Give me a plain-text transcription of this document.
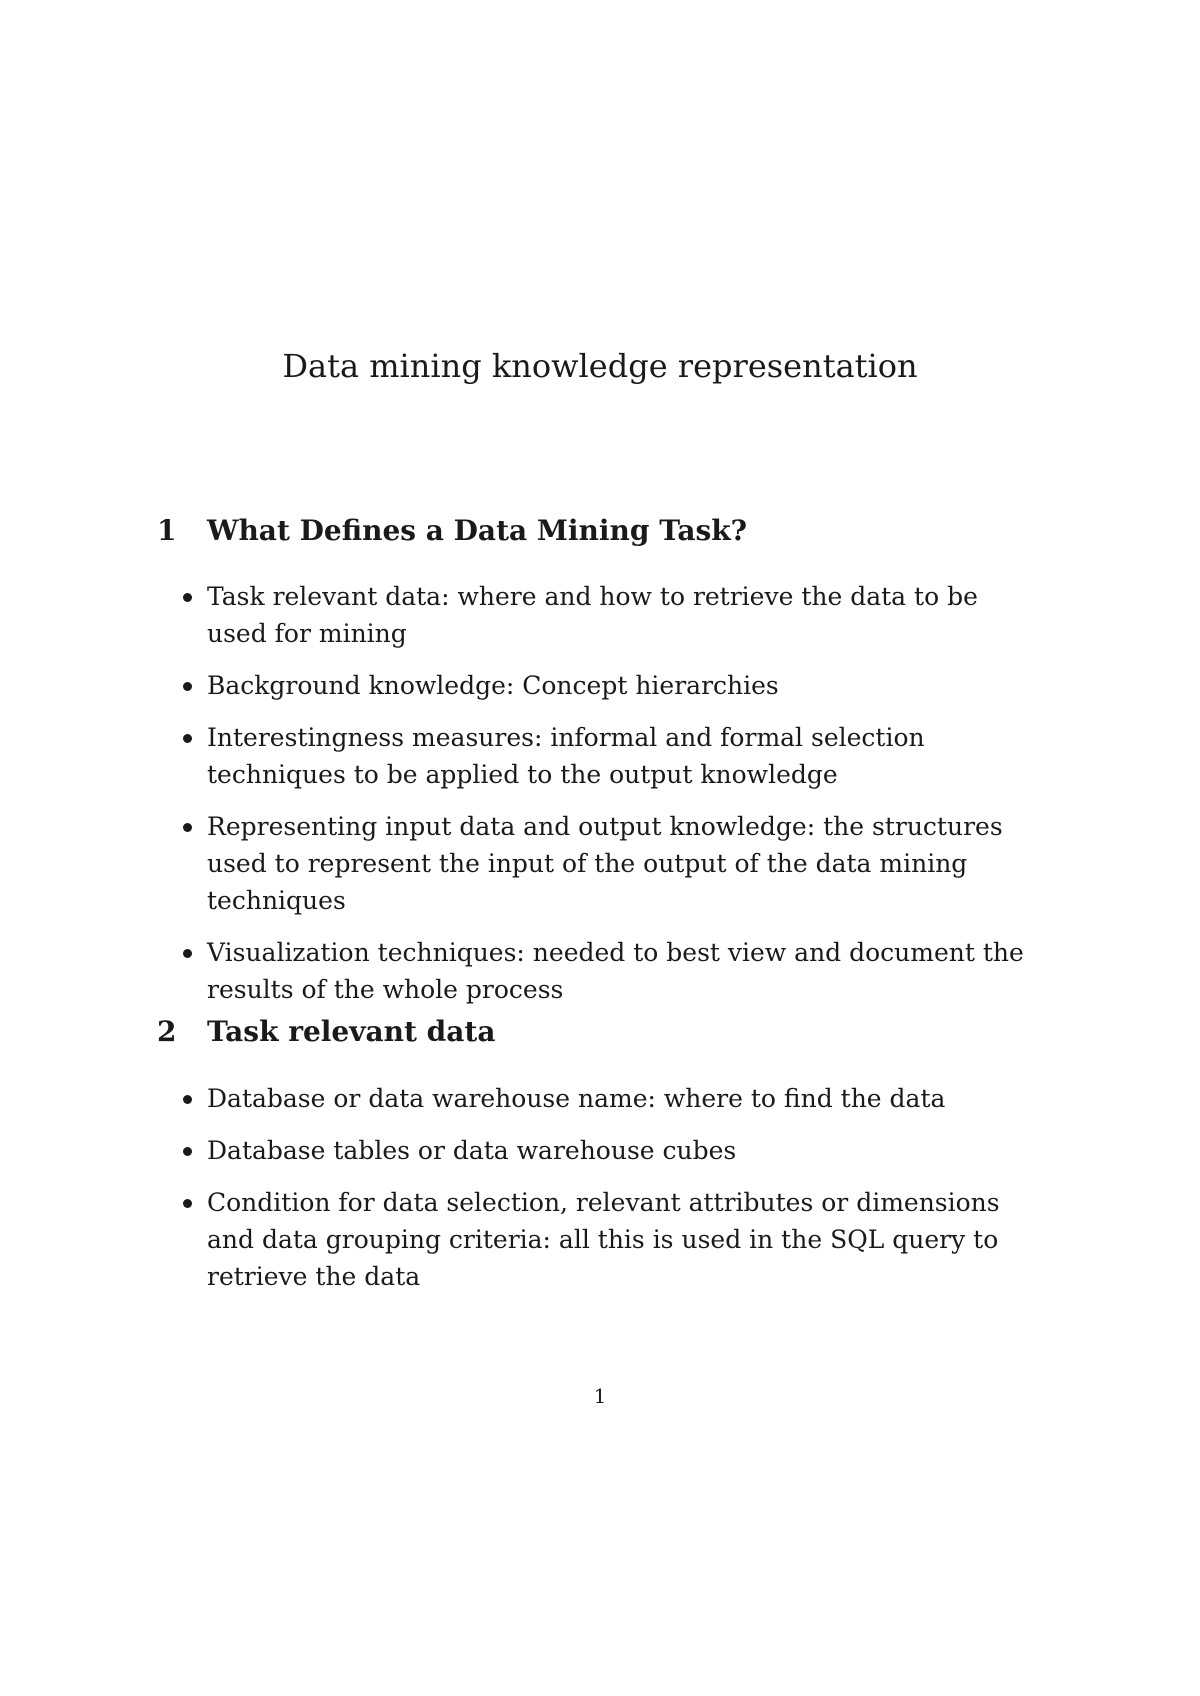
Data mining knowledge representation
1 What Defines a Data Mining Task?
Task relevant data: where and how to retrieve the data to be used for mining
Background knowledge: Concept hierarchies
Interestingness measures: informal and formal selection techniques to be applied to the output knowledge
Representing input data and output knowledge: the structures used to represent the input of the output of the data mining techniques
Visualization techniques: needed to best view and document the results of the whole process
2 Task relevant data
Database or data warehouse name: where to find the data
Database tables or data warehouse cubes
Condition for data selection, relevant attributes or dimensions and data grouping criteria: all this is used in the SQL query to retrieve the data
1
